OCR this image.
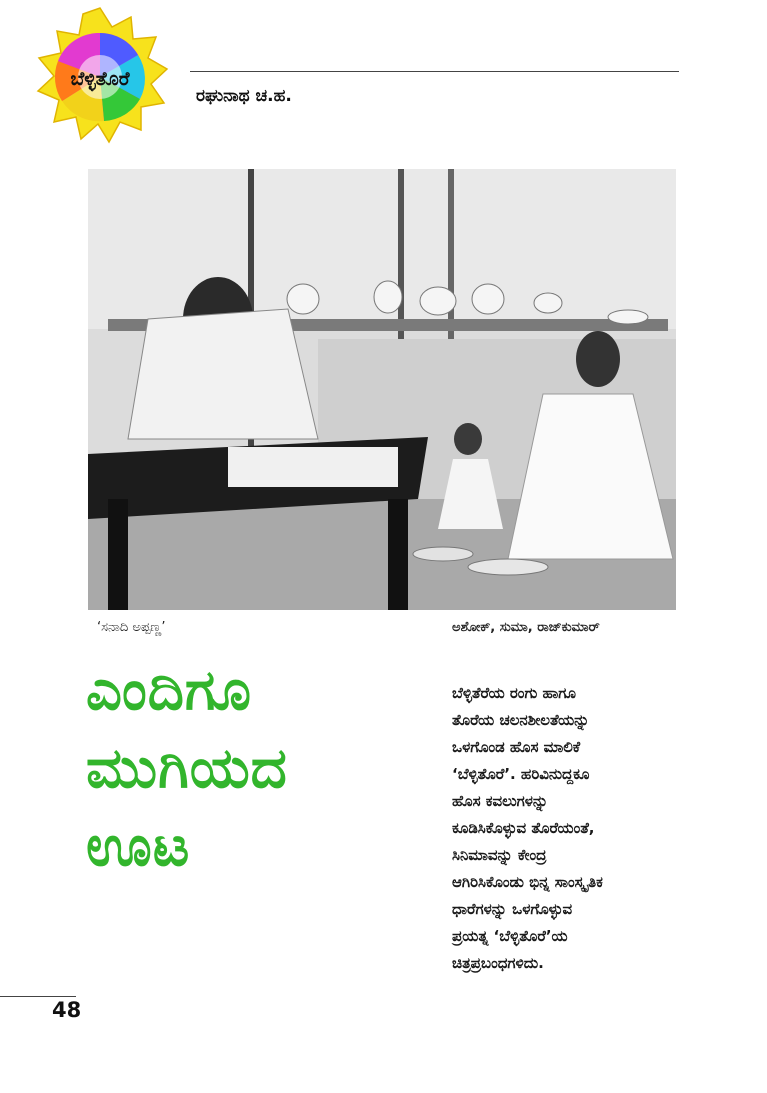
ಬೆಳ್ಳಿತೊರೆ
ರಘುನಾಥ ಚ.ಹ.
‘ಸನಾದಿ ಅಪ್ಪಣ್ಣ’	ಅಶೋಕ್, ಸುಮಾ, ರಾಜ್‌ಕುಮಾರ್
ಎಂದಿಗೂ
ಮುಗಿಯದ
ಊಟ
ಬೆಳ್ಳಿತೆರೆಯ ರಂಗು ಹಾಗೂ
ತೊರೆಯ ಚಲನಶೀಲತೆಯನ್ನು
ಒಳಗೊಂಡ ಹೊಸ ಮಾಲಿಕೆ
‘ಬೆಳ್ಳಿತೊರೆ’. ಹರಿವಿನುದ್ದಕೂ
ಹೊಸ ಕವಲುಗಳನ್ನು
ಕೂಡಿಸಿಕೊಳ್ಳುವ ತೊರೆಯಂತೆ,
ಸಿನಿಮಾವನ್ನು ಕೇಂದ್ರ
ಆಗಿರಿಸಿಕೊಂಡು ಭಿನ್ನ ಸಾಂಸ್ಕೃತಿಕ
ಧಾರೆಗಳನ್ನು ಒಳಗೊಳ್ಳುವ
ಪ್ರಯತ್ನ ‘ಬೆಳ್ಳಿತೊರೆ’ಯ
ಚಿತ್ರಪ್ರಬಂಧಗಳಿದು.
48
